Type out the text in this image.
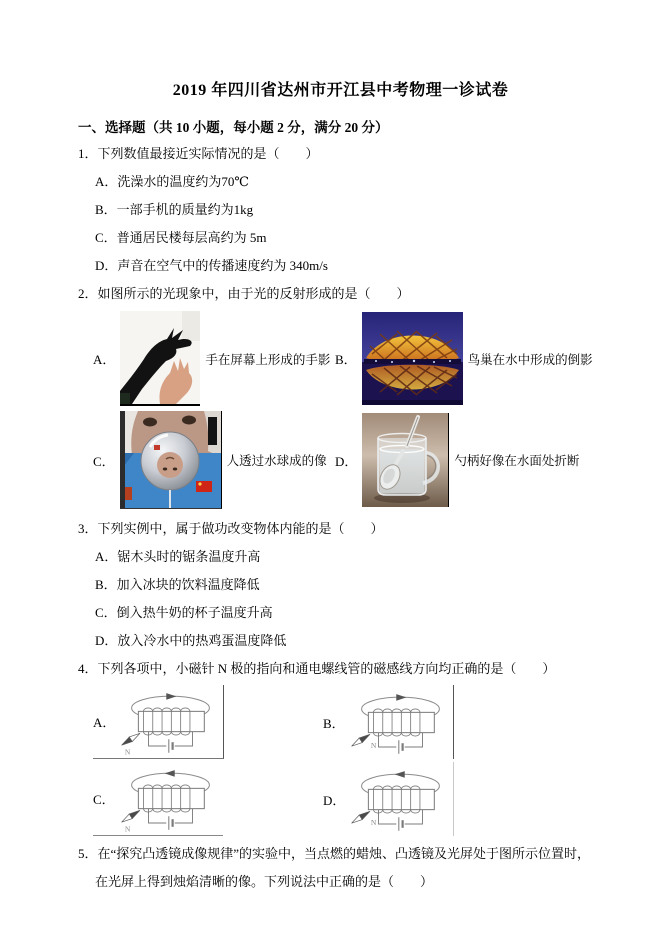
2019 年四川省达州市开江县中考物理一诊试卷
一、选择题（共 10 小题，每小题 2 分，满分 20 分）
1．下列数值最接近实际情况的是（　　）
A．洗澡水的温度约为70℃
B．一部手机的质量约为1kg
C．普通居民楼每层高约为 5m
D．声音在空气中的传播速度约为 340m/s
2．如图所示的光现象中，由于光的反射形成的是（　　）
A．	手在屏幕上形成的手影 B．	鸟巢在水中形成的倒影
C．	人透过水球成的像 D．	勺柄好像在水面处折断
3．下列实例中，属于做功改变物体内能的是（　　）
A．锯木头时的锯条温度升高
B．加入冰块的饮料温度降低
C．倒入热牛奶的杯子温度升高
D．放入冷水中的热鸡蛋温度降低
4．下列各项中，小磁针 N 极的指向和通电螺线管的磁感线方向均正确的是（　　）
A．
N
B．
N
C．
N
D．
N
5．在“探究凸透镜成像规律”的实验中，当点燃的蜡烛、凸透镜及光屏处于图所示位置时，在光屏上得到烛焰清晰的像。下列说法中正确的是（　　）
